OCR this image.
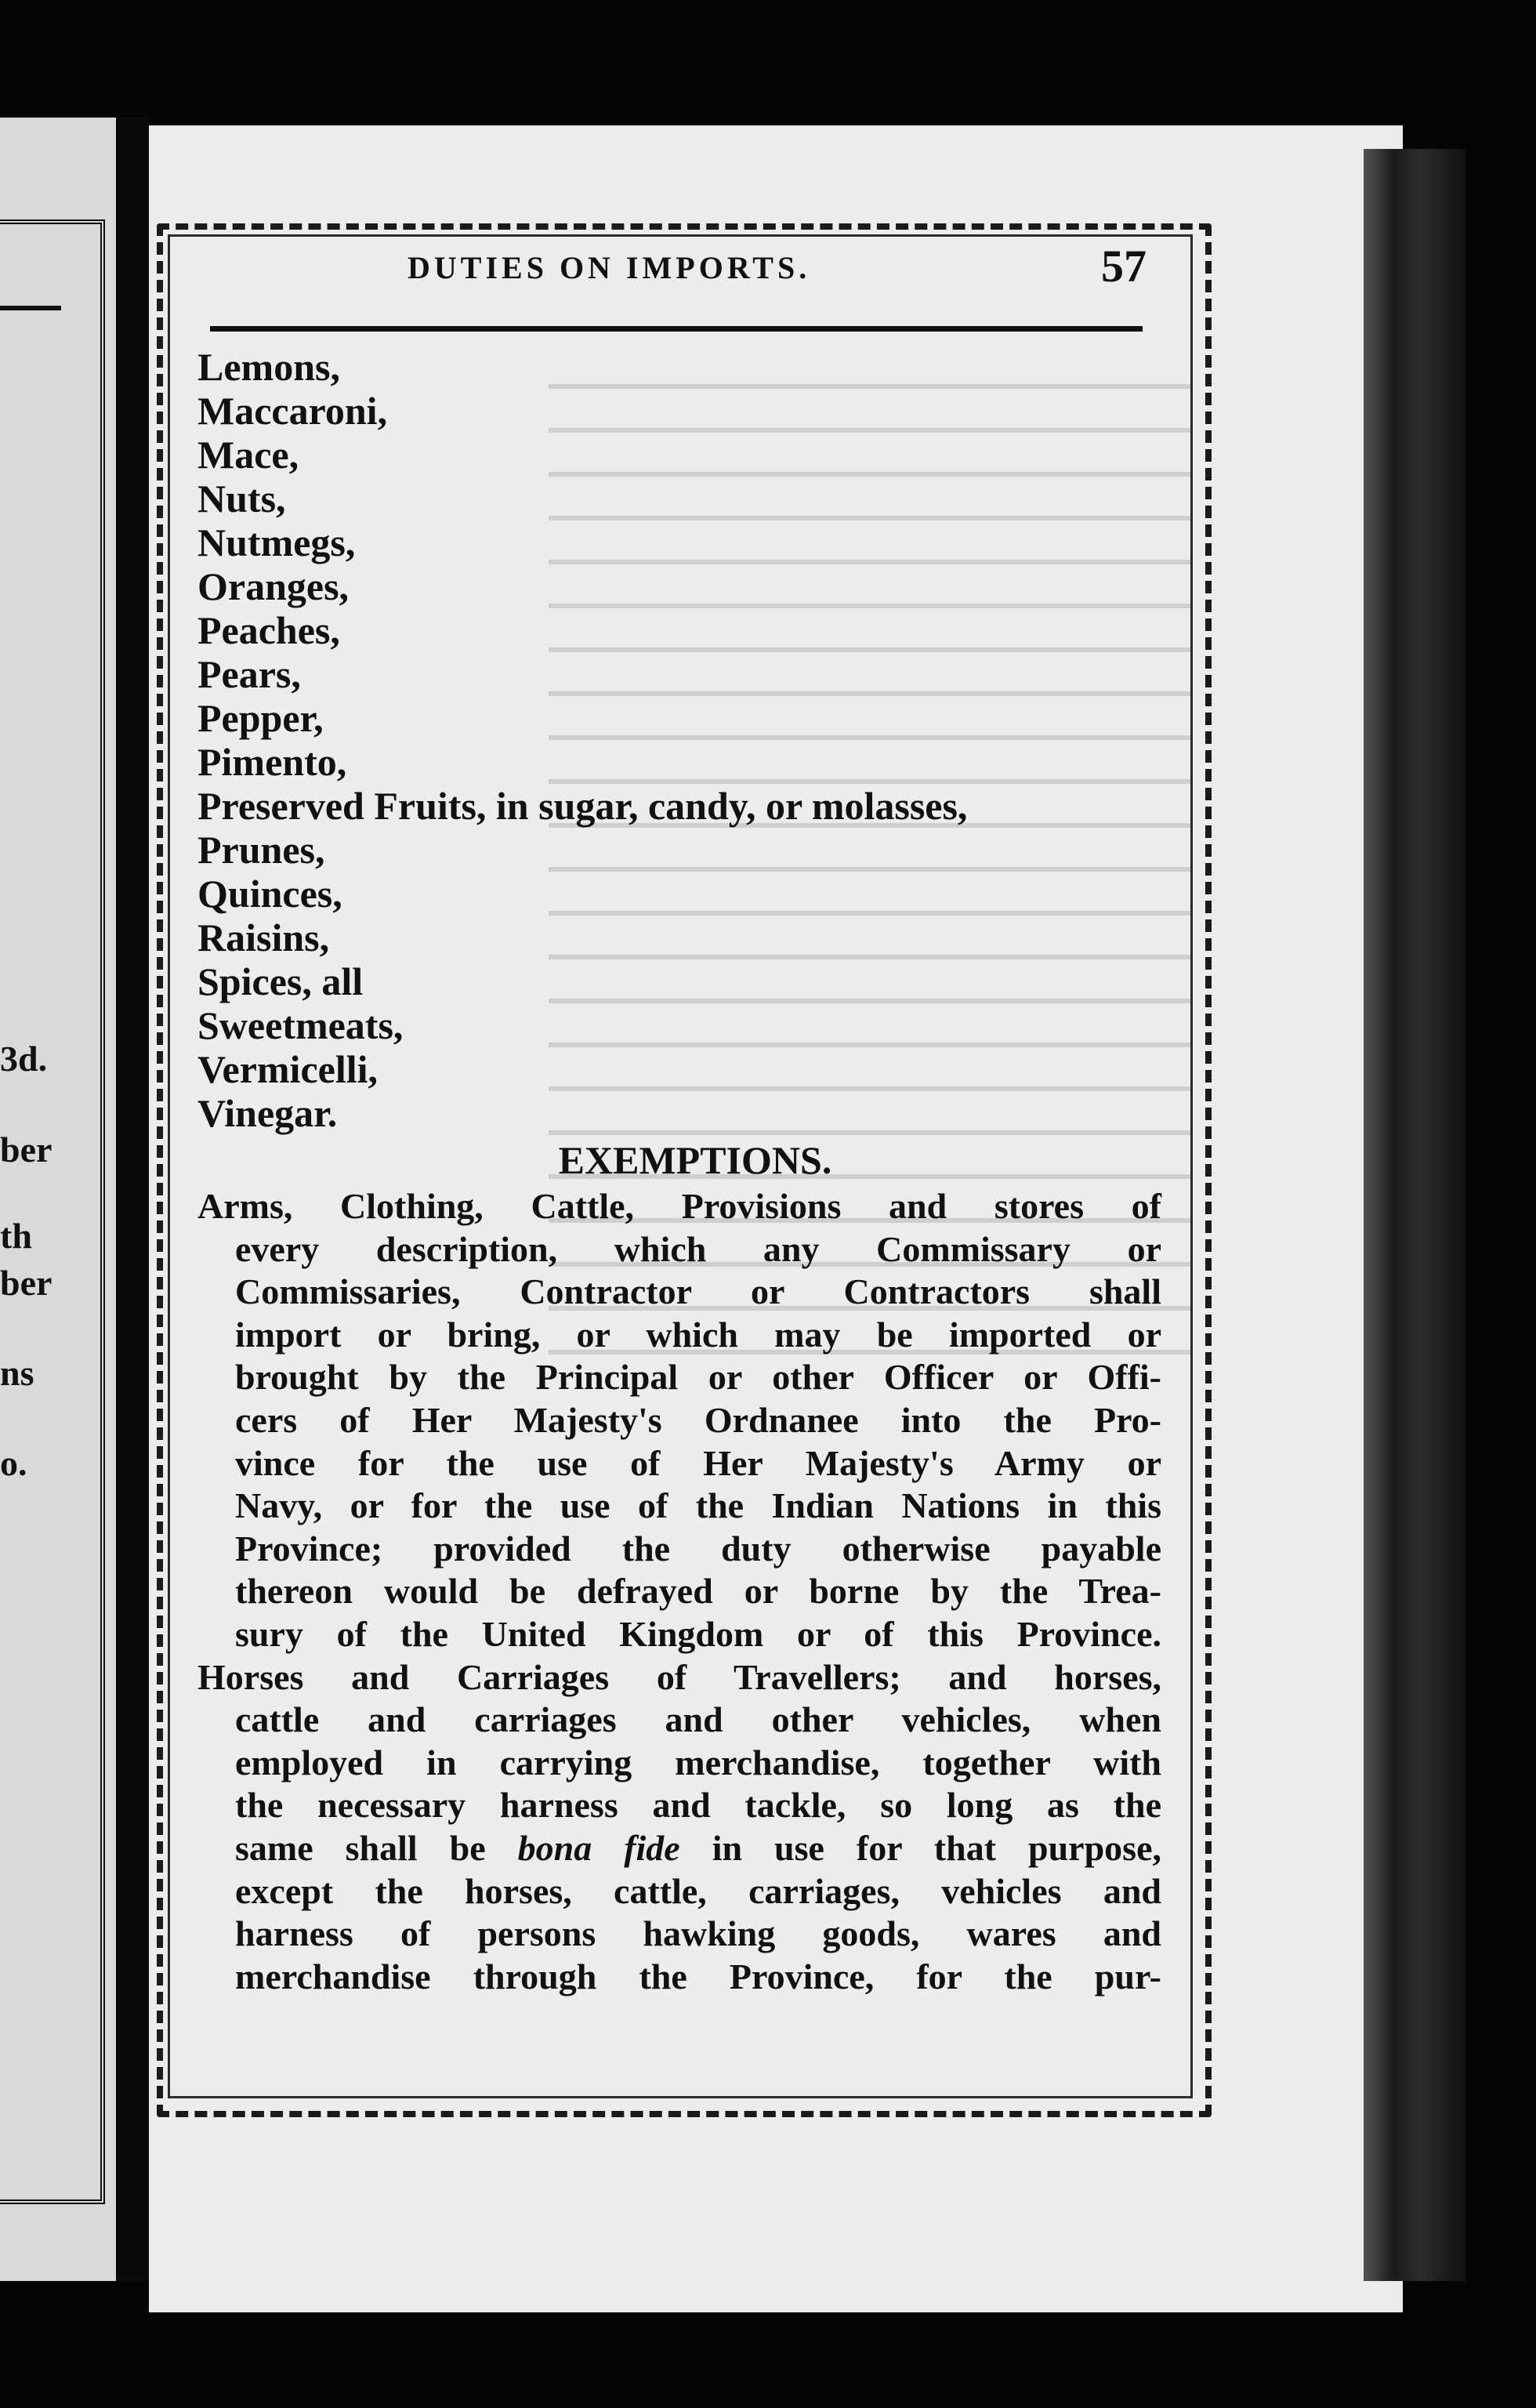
3d.
ber
th
ber
ns
o.
DUTIES ON IMPORTS.	57
Lemons,
Maccaroni,
Mace,
Nuts,
Nutmegs,
Oranges,
Peaches,
Pears,
Pepper,
Pimento,
Preserved Fruits, in sugar, candy, or molasses,
Prunes,
Quinces,
Raisins,
Spices, all
Sweetmeats,
Vermicelli,
Vinegar.
EXEMPTIONS.
Arms, Clothing, Cattle, Provisions and stores of
every description, which any Commissary or
Commissaries, Contractor or Contractors shall
import or bring, or which may be imported or
brought by the Principal or other Officer or Offi-
cers of Her Majesty's Ordnanee into the Pro-
vince for the use of Her Majesty's Army or
Navy, or for the use of the Indian Nations in this
Province; provided the duty otherwise payable
thereon would be defrayed or borne by the Trea-
sury of the United Kingdom or of this Province.
Horses and Carriages of Travellers; and horses,
cattle and carriages and other vehicles, when
employed in carrying merchandise, together with
the necessary harness and tackle, so long as the
same shall be bona fide in use for that purpose,
except the horses, cattle, carriages, vehicles and
harness of persons hawking goods, wares and
merchandise through the Province, for the pur-
